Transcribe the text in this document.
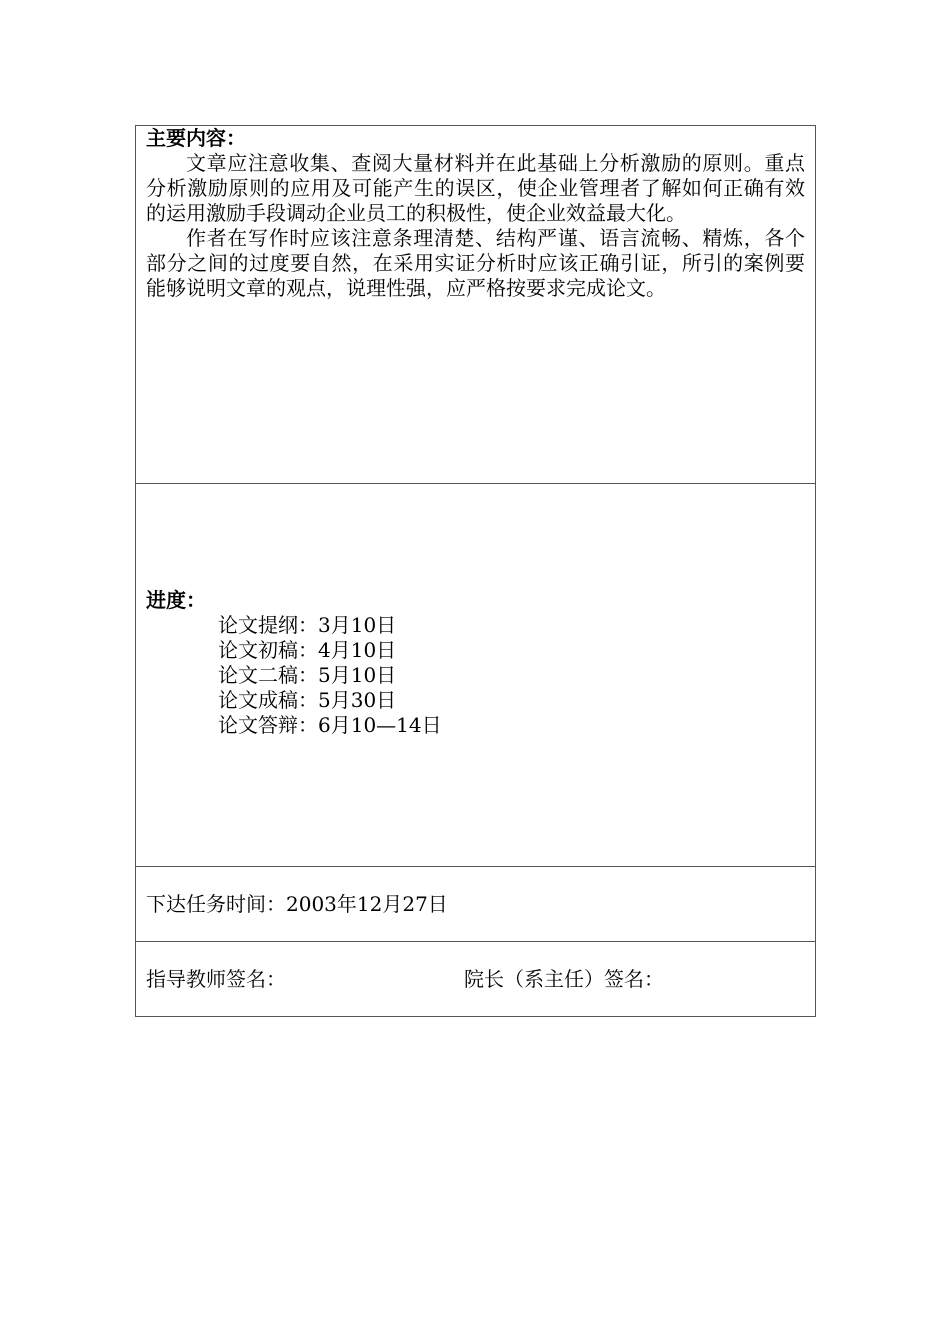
主要内容：

文章应注意收集、查阅大量材料并在此基础上分析激励的原则。重点分析激励原则的应用及可能产生的误区，使企业管理者了解如何正确有效的运用激励手段调动企业员工的积极性，使企业效益最大化。

作者在写作时应该注意条理清楚、结构严谨、语言流畅、精炼，各个部分之间的过度要自然，在采用实证分析时应该正确引证，所引的案例要能够说明文章的观点，说理性强，应严格按要求完成论文。

进度：
论文提纲：3月10日
论文初稿：4月10日
论文二稿：5月10日
论文成稿：5月30日
论文答辩：6月10—14日
下达任务时间：2003年12月27日
指导教师签名：	院长（系主任）签名：
